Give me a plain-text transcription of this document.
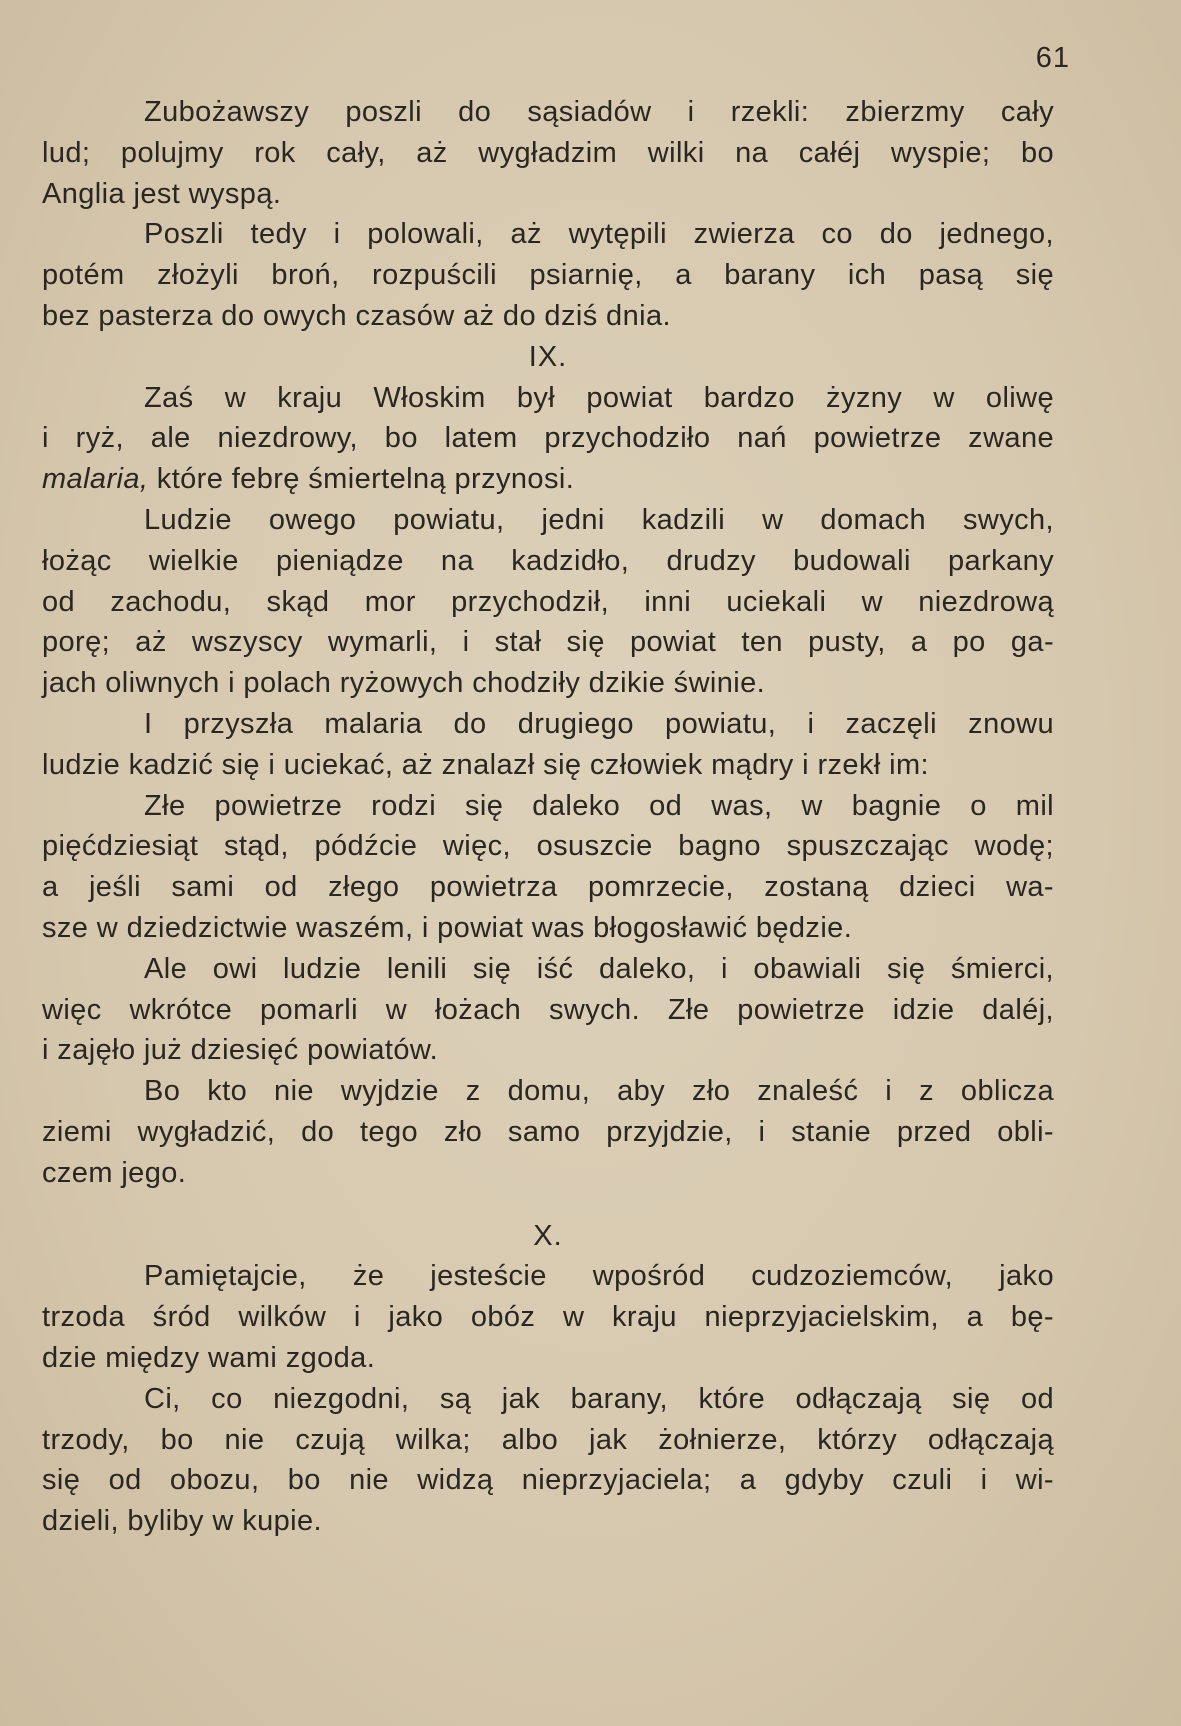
61
Zubożawszy poszli do sąsiadów i rzekli: zbierzmy cały
lud; polujmy rok cały, aż wygładzim wilki na całéj wyspie; bo
Anglia jest wyspą.
Poszli tedy i polowali, aż wytępili zwierza co do jednego,
potém złożyli broń, rozpuścili psiarnię, a barany ich pasą się
bez pasterza do owych czasów aż do dziś dnia.
IX.
Zaś w kraju Włoskim był powiat bardzo żyzny w oliwę
i ryż, ale niezdrowy, bo latem przychodziło nań powietrze zwane
malaria, które febrę śmiertelną przynosi.
Ludzie owego powiatu, jedni kadzili w domach swych,
łożąc wielkie pieniądze na kadzidło, drudzy budowali parkany
od zachodu, skąd mor przychodził, inni uciekali w niezdrową
porę; aż wszyscy wymarli, i stał się powiat ten pusty, a po ga-
jach oliwnych i polach ryżowych chodziły dzikie świnie.
I przyszła malaria do drugiego powiatu, i zaczęli znowu
ludzie kadzić się i uciekać, aż znalazł się człowiek mądry i rzekł im:
Złe powietrze rodzi się daleko od was, w bagnie o mil
pięćdziesiąt stąd, pódźcie więc, osuszcie bagno spuszczając wodę;
a jeśli sami od złego powietrza pomrzecie, zostaną dzieci wa-
sze w dziedzictwie waszém, i powiat was błogosławić będzie.
Ale owi ludzie lenili się iść daleko, i obawiali się śmierci,
więc wkrótce pomarli w łożach swych. Złe powietrze idzie daléj,
i zajęło już dziesięć powiatów.
Bo kto nie wyjdzie z domu, aby zło znaleść i z oblicza
ziemi wygładzić, do tego zło samo przyjdzie, i stanie przed obli-
czem jego.
X.
Pamiętajcie, że jesteście wpośród cudzoziemców, jako
trzoda śród wilków i jako obóz w kraju nieprzyjacielskim, a bę-
dzie między wami zgoda.
Ci, co niezgodni, są jak barany, które odłączają się od
trzody, bo nie czują wilka; albo jak żołnierze, którzy odłączają
się od obozu, bo nie widzą nieprzyjaciela; a gdyby czuli i wi-
dzieli, byliby w kupie.
